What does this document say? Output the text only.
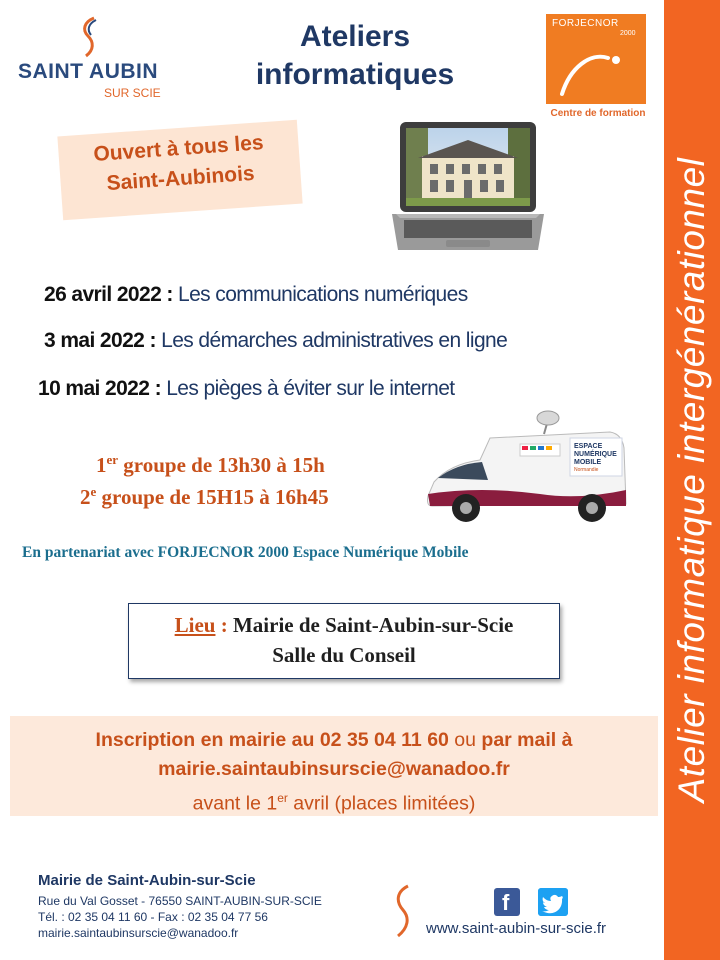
SAINT AUBIN
SUR SCIE
Ateliers
informatiques
FORJECNOR
2000
Centre de formation
Atelier informatique intergénérationnel
Ouvert à tous les
Saint-Aubinois
26 avril 2022 : Les communications numériques
3 mai 2022 : Les démarches administratives en ligne
10 mai 2022 : Les pièges à éviter sur le internet
1er groupe de 13h30 à 15h
2e groupe de 15H15 à 16h45
ESPACE
NUMÉRIQUE
MOBILE
Normandie
En partenariat avec FORJECNOR 2000 Espace Numérique Mobile
Lieu : Mairie de Saint-Aubin-sur-Scie
Salle du Conseil
Inscription en mairie au 02 35 04 11 60 ou par mail à
mairie.saintaubinsurscie@wanadoo.fr
avant le 1er avril (places limitées)
Mairie de Saint-Aubin-sur-Scie
Rue du Val Gosset - 76550 SAINT-AUBIN-SUR-SCIE
Tél. : 02 35 04 11 60 - Fax : 02 35 04 77 56
mairie.saintaubinsurscie@wanadoo.fr
f
www.saint-aubin-sur-scie.fr
